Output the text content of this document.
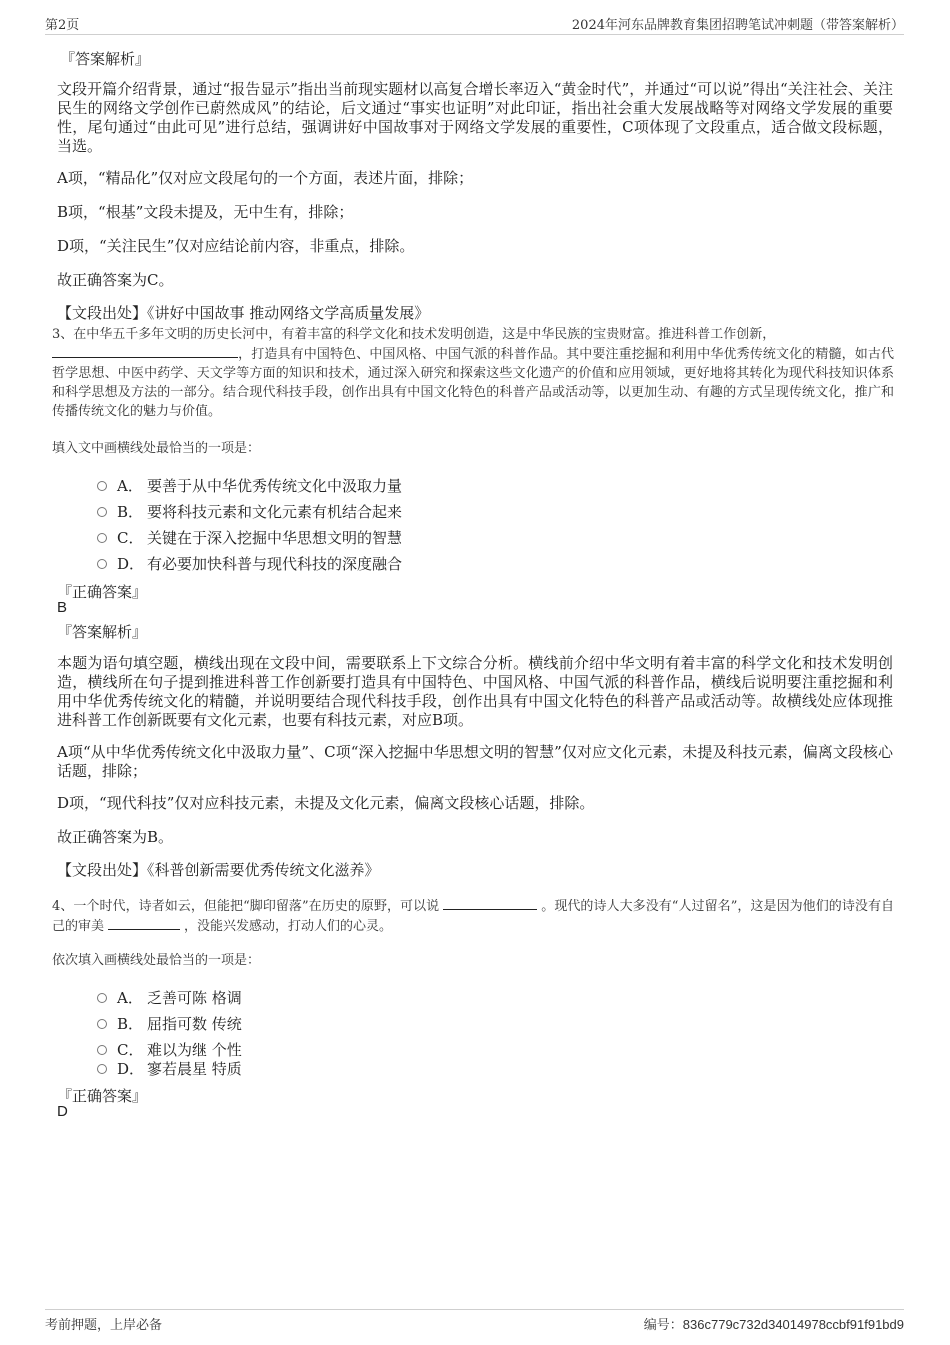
第2页	2024年河东品牌教育集团招聘笔试冲刺题（带答案解析）
『答案解析』
文段开篇介绍背景，通过“报告显示”指出当前现实题材以高复合增长率迈入“黄金时代”，并通过“可以说”得出“关注社会、关注民生的网络文学创作已蔚然成风”的结论，后文通过“事实也证明”对此印证，指出社会重大发展战略等对网络文学发展的重要性，尾句通过“由此可见”进行总结，强调讲好中国故事对于网络文学发展的重要性，C项体现了文段重点，适合做文段标题，当选。
A项，“精品化”仅对应文段尾句的一个方面，表述片面，排除；
B项，“根基”文段未提及，无中生有，排除；
D项，“关注民生”仅对应结论前内容，非重点，排除。
故正确答案为C。
【文段出处】《讲好中国故事 推动网络文学高质量发展》
3、在中华五千多年文明的历史长河中，有着丰富的科学文化和技术发明创造，这是中华民族的宝贵财富。推进科普工作创新，
，打造具有中国特色、中国风格、中国气派的科普作品。其中要注重挖掘和利用中华优秀传统文化的精髓，如古代哲学思想、中医中药学、天文学等方面的知识和技术，通过深入研究和探索这些文化遗产的价值和应用领域，更好地将其转化为现代科技知识体系和科学思想及方法的一部分。结合现代科技手段，创作出具有中国文化特色的科普产品或活动等，以更加生动、有趣的方式呈现传统文化，推广和传播传统文化的魅力与价值。
填入文中画横线处最恰当的一项是：
A． 要善于从中华优秀传统文化中汲取力量
B． 要将科技元素和文化元素有机结合起来
C． 关键在于深入挖掘中华思想文明的智慧
D． 有必要加快科普与现代科技的深度融合
『正确答案』
B
『答案解析』
本题为语句填空题，横线出现在文段中间，需要联系上下文综合分析。横线前介绍中华文明有着丰富的科学文化和技术发明创造，横线所在句子提到推进科普工作创新要打造具有中国特色、中国风格、中国气派的科普作品，横线后说明要注重挖掘和利用中华优秀传统文化的精髓，并说明要结合现代科技手段，创作出具有中国文化特色的科普产品或活动等。故横线处应体现推进科普工作创新既要有文化元素，也要有科技元素，对应B项。
A项“从中华优秀传统文化中汲取力量”、C项“深入挖掘中华思想文明的智慧”仅对应文化元素，未提及科技元素，偏离文段核心话题，排除；
D项，“现代科技”仅对应科技元素，未提及文化元素，偏离文段核心话题，排除。
故正确答案为B。
【文段出处】《科普创新需要优秀传统文化滋养》
4、一个时代，诗者如云，但能把“脚印留落”在历史的原野，可以说	。现代的诗人大多没有“人过留名”，这是因为他们的诗没有自己的审美	，没能兴发感动，打动人们的心灵。
依次填入画横线处最恰当的一项是：
A． 乏善可陈 格调
B． 屈指可数 传统
C． 难以为继 个性
D． 寥若晨星 特质
『正确答案』
D
考前押题，上岸必备	编号：836c779c732d34014978ccbf91f91bd9
